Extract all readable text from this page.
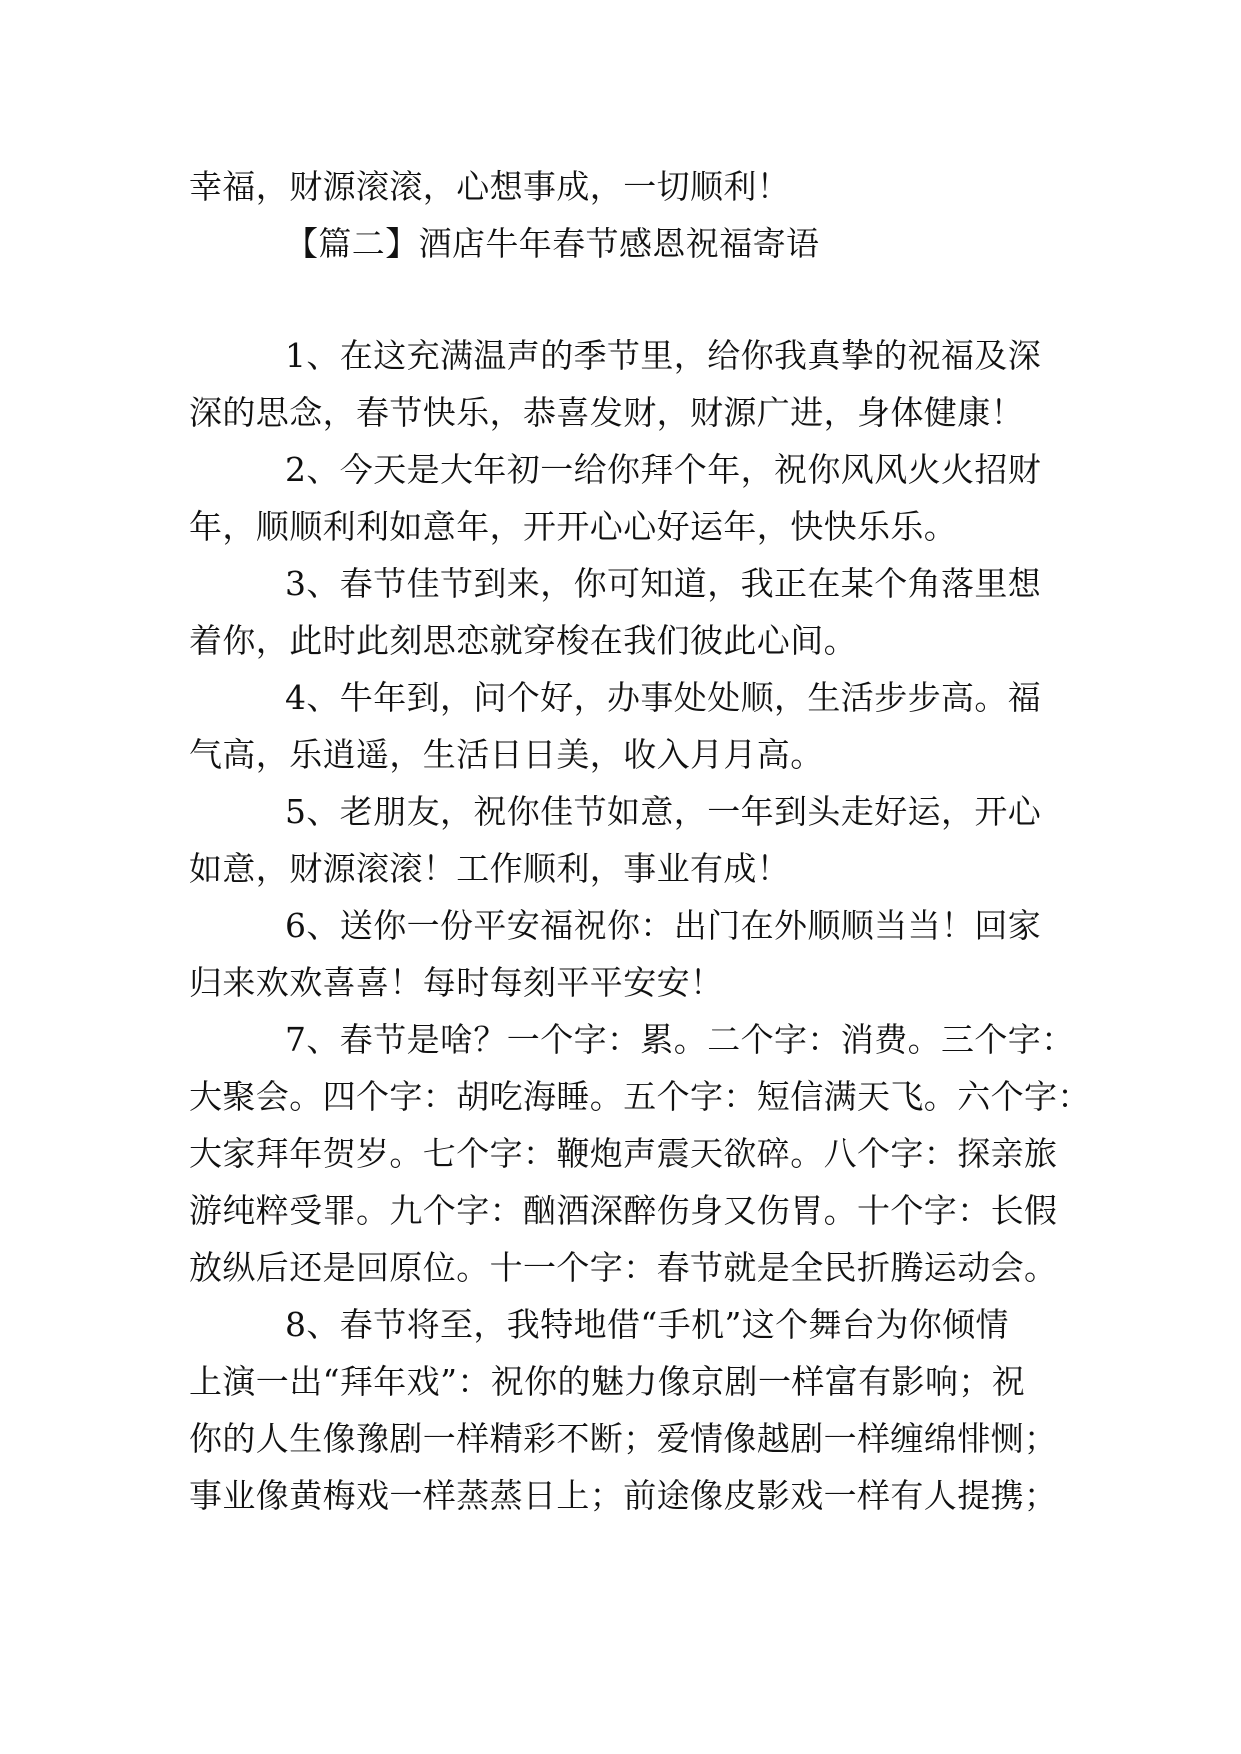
幸福，财源滚滚，心想事成，一切顺利！
【篇二】酒店牛年春节感恩祝福寄语
1、在这充满温声的季节里，给你我真挚的祝福及深
深的思念，春节快乐，恭喜发财，财源广进，身体健康！
2、今天是大年初一给你拜个年，祝你风风火火招财
年，顺顺利利如意年，开开心心好运年，快快乐乐。
3、春节佳节到来，你可知道，我正在某个角落里想
着你，此时此刻思恋就穿梭在我们彼此心间。
4、牛年到，问个好，办事处处顺，生活步步高。福
气高，乐逍遥，生活日日美，收入月月高。
5、老朋友，祝你佳节如意，一年到头走好运，开心
如意，财源滚滚！工作顺利，事业有成！
6、送你一份平安福祝你：出门在外顺顺当当！回家
归来欢欢喜喜！每时每刻平平安安！
7、春节是啥？一个字：累。二个字：消费。三个字：
大聚会。四个字：胡吃海睡。五个字：短信满天飞。六个字：
大家拜年贺岁。七个字：鞭炮声震天欲碎。八个字：探亲旅
游纯粹受罪。九个字：酗酒深醉伤身又伤胃。十个字：长假
放纵后还是回原位。十一个字：春节就是全民折腾运动会。
8、春节将至，我特地借“手机”这个舞台为你倾情
上演一出“拜年戏”：祝你的魅力像京剧一样富有影响；祝
你的人生像豫剧一样精彩不断；爱情像越剧一样缠绵悱恻；
事业像黄梅戏一样蒸蒸日上；前途像皮影戏一样有人提携；
